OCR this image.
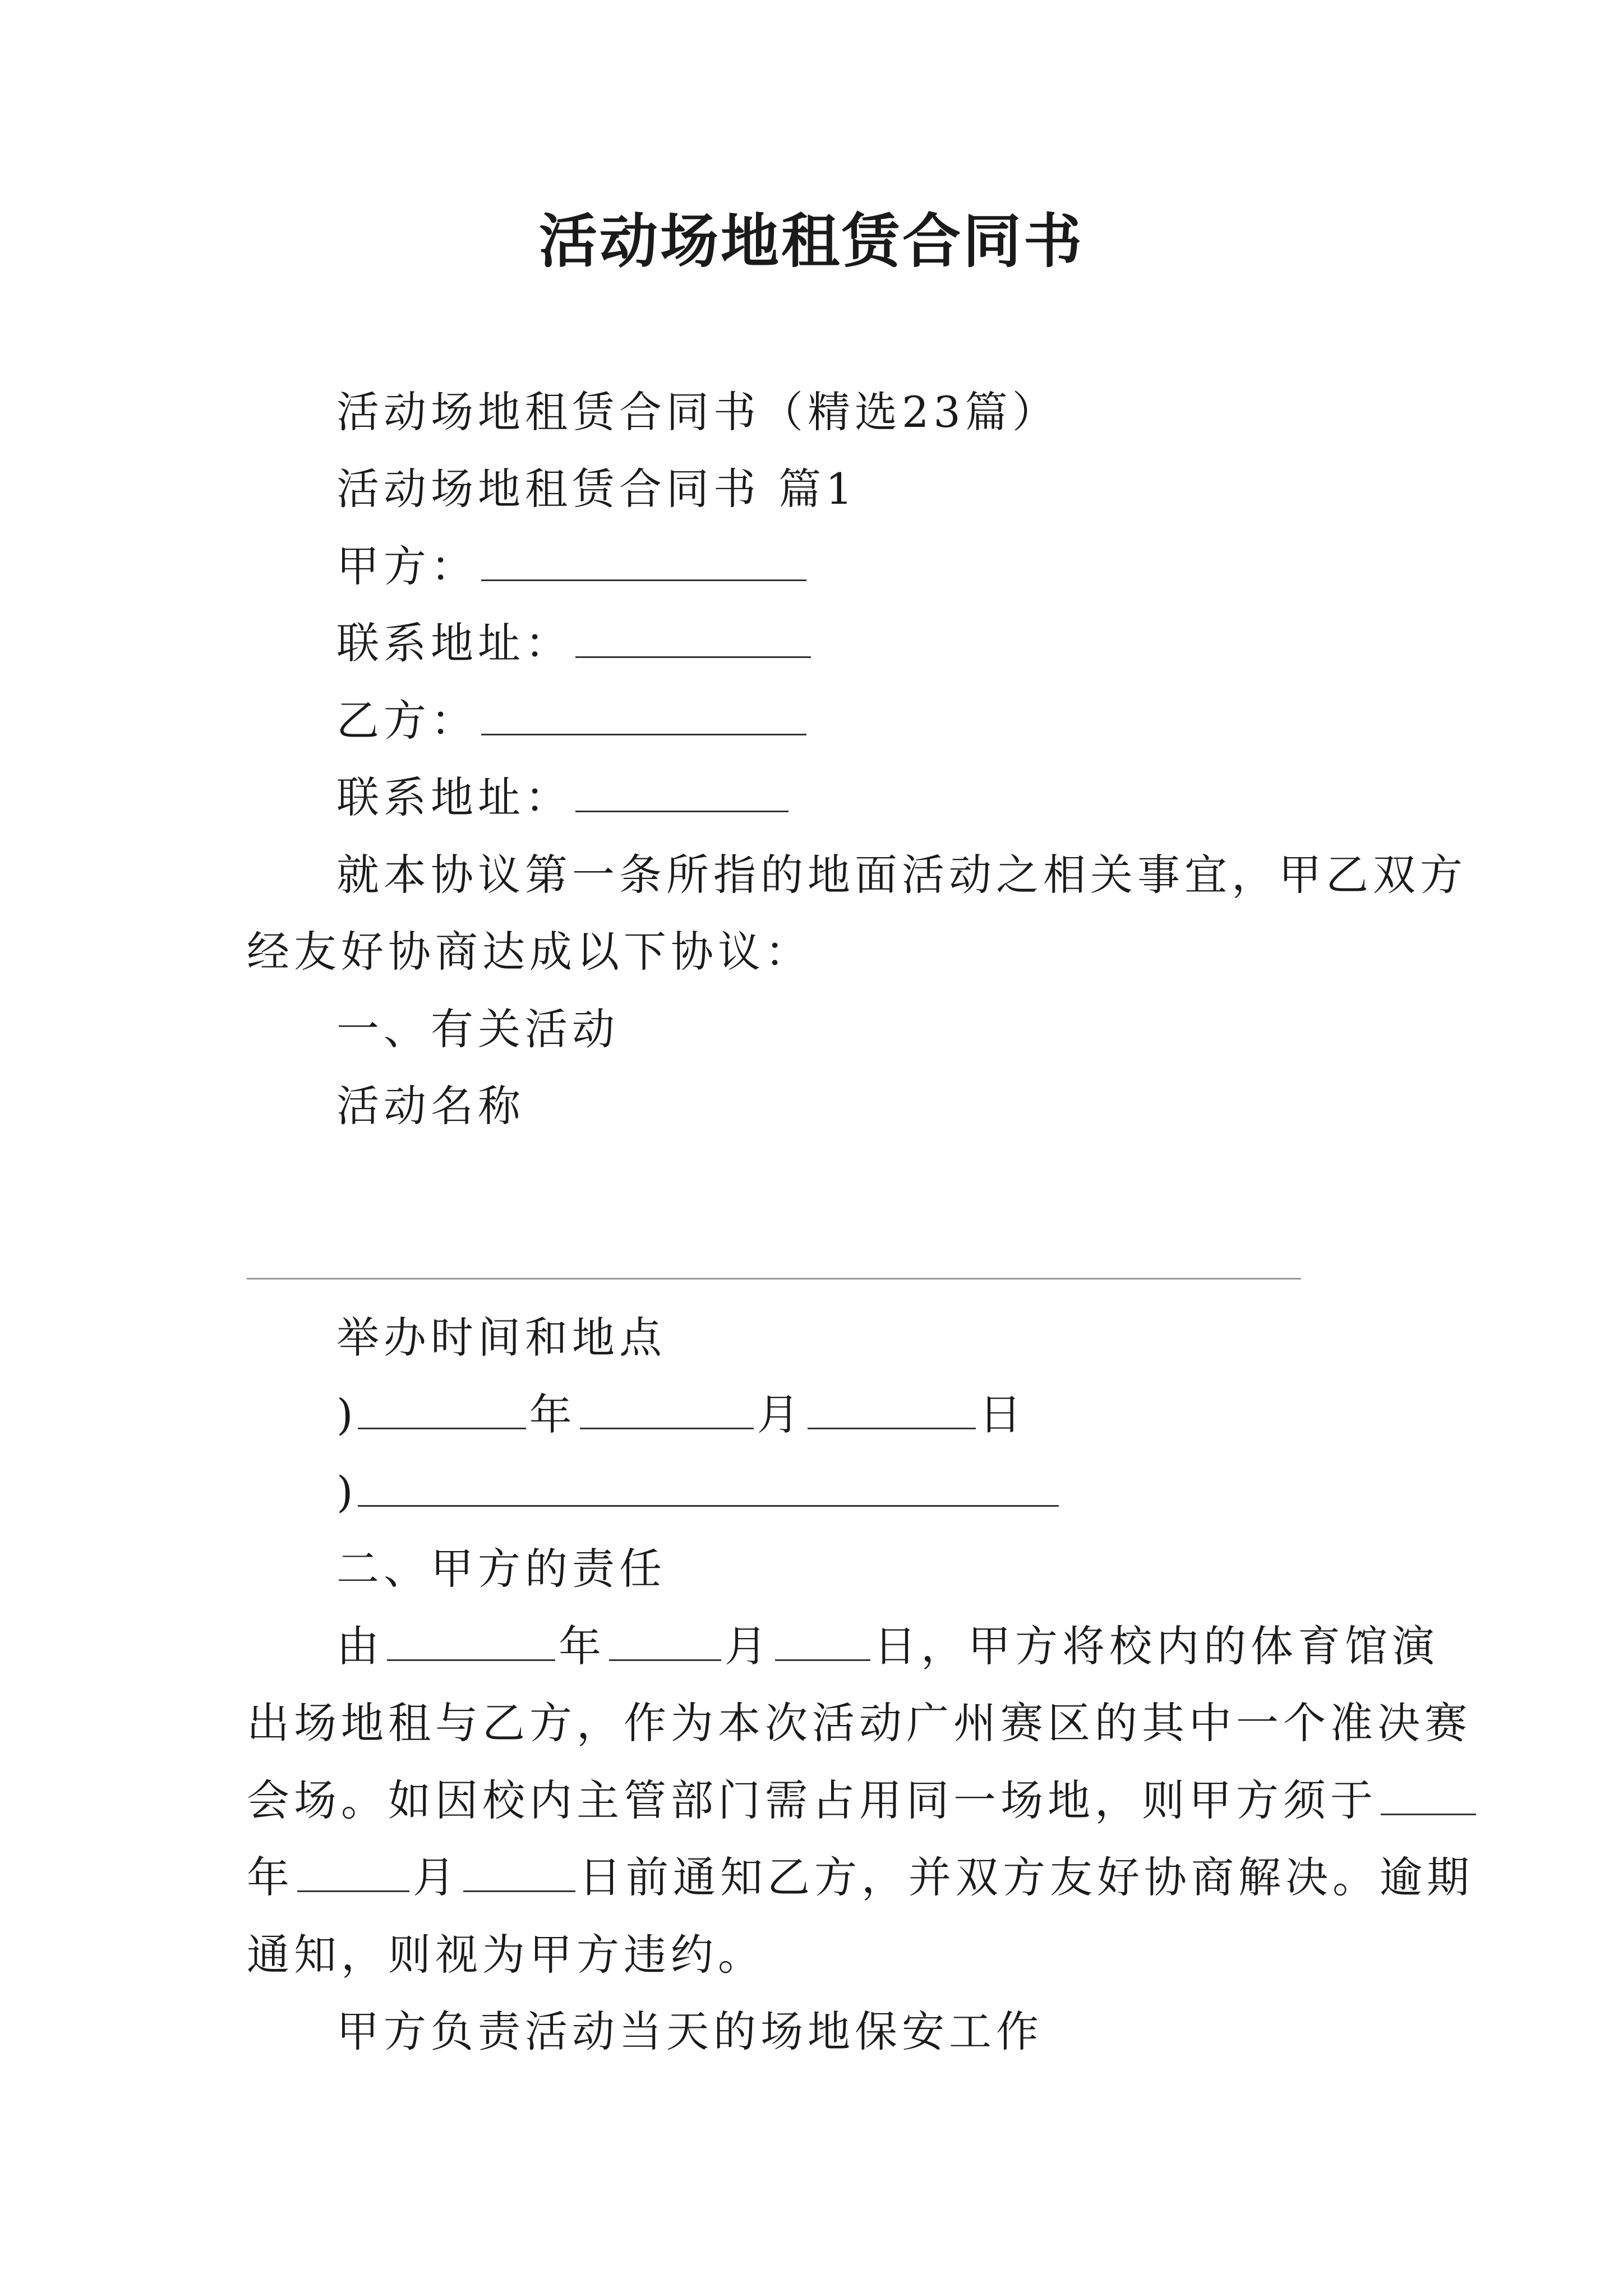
活动场地租赁合同书
活动场地租赁合同书（精选23篇）
活动场地租赁合同书 篇1
甲方：
联系地址：
乙方：
联系地址：
就本协议第一条所指的地面活动之相关事宜，甲乙双方
经友好协商达成以下协议：
一、有关活动
活动名称
举办时间和地点
)	年	月	日
)
二、甲方的责任
由	年	月 日，甲方将校内的体育馆演
出场地租与乙方，作为本次活动广州赛区的其中一个准决赛
会场。如因校内主管部门需占用同一场地，则甲方须于
年	月	日前通知乙方，并双方友好协商解决。逾期
通知，则视为甲方违约。
甲方负责活动当天的场地保安工作
